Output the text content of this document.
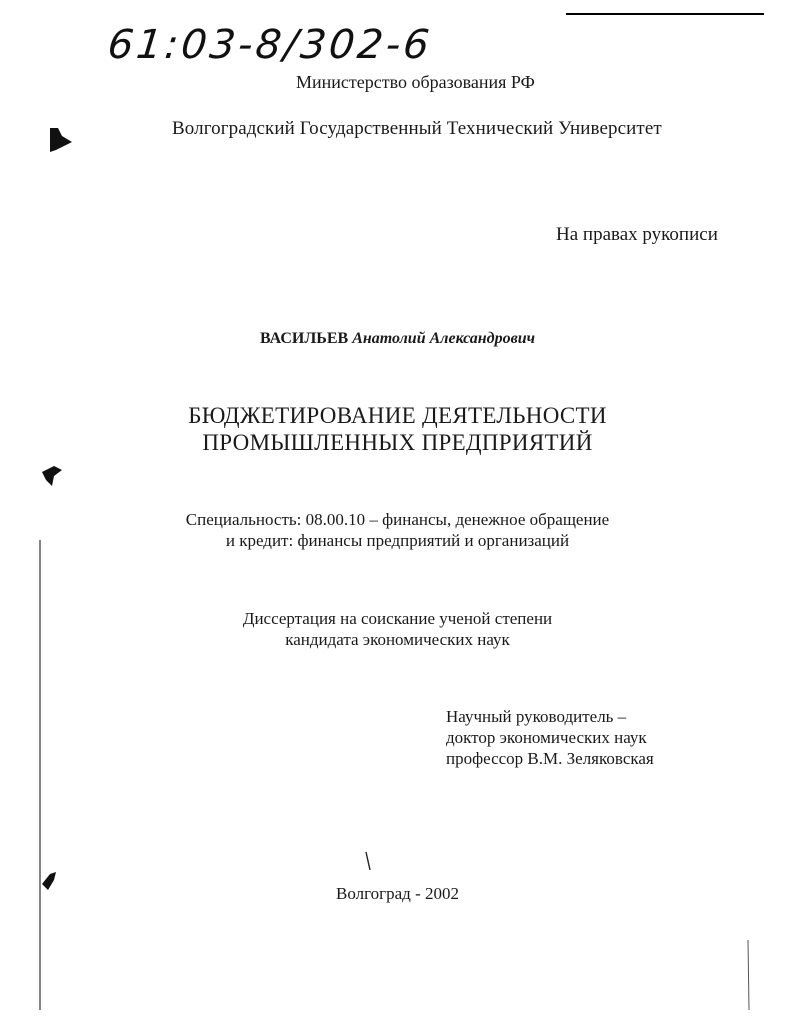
61:03-8/302-6
Министерство образования РФ
Волгоградский Государственный Технический Университет
На правах рукописи
ВАСИЛЬЕВ Анатолий Александрович
БЮДЖЕТИРОВАНИЕ ДЕЯТЕЛЬНОСТИ
ПРОМЫШЛЕННЫХ ПРЕДПРИЯТИЙ
Специальность: 08.00.10 – финансы, денежное обращение
и кредит: финансы предприятий и организаций
Диссертация на соискание ученой степени
кандидата экономических наук
Научный руководитель –
доктор экономических наук
профессор В.М. Зеляковская
Волгоград - 2002
